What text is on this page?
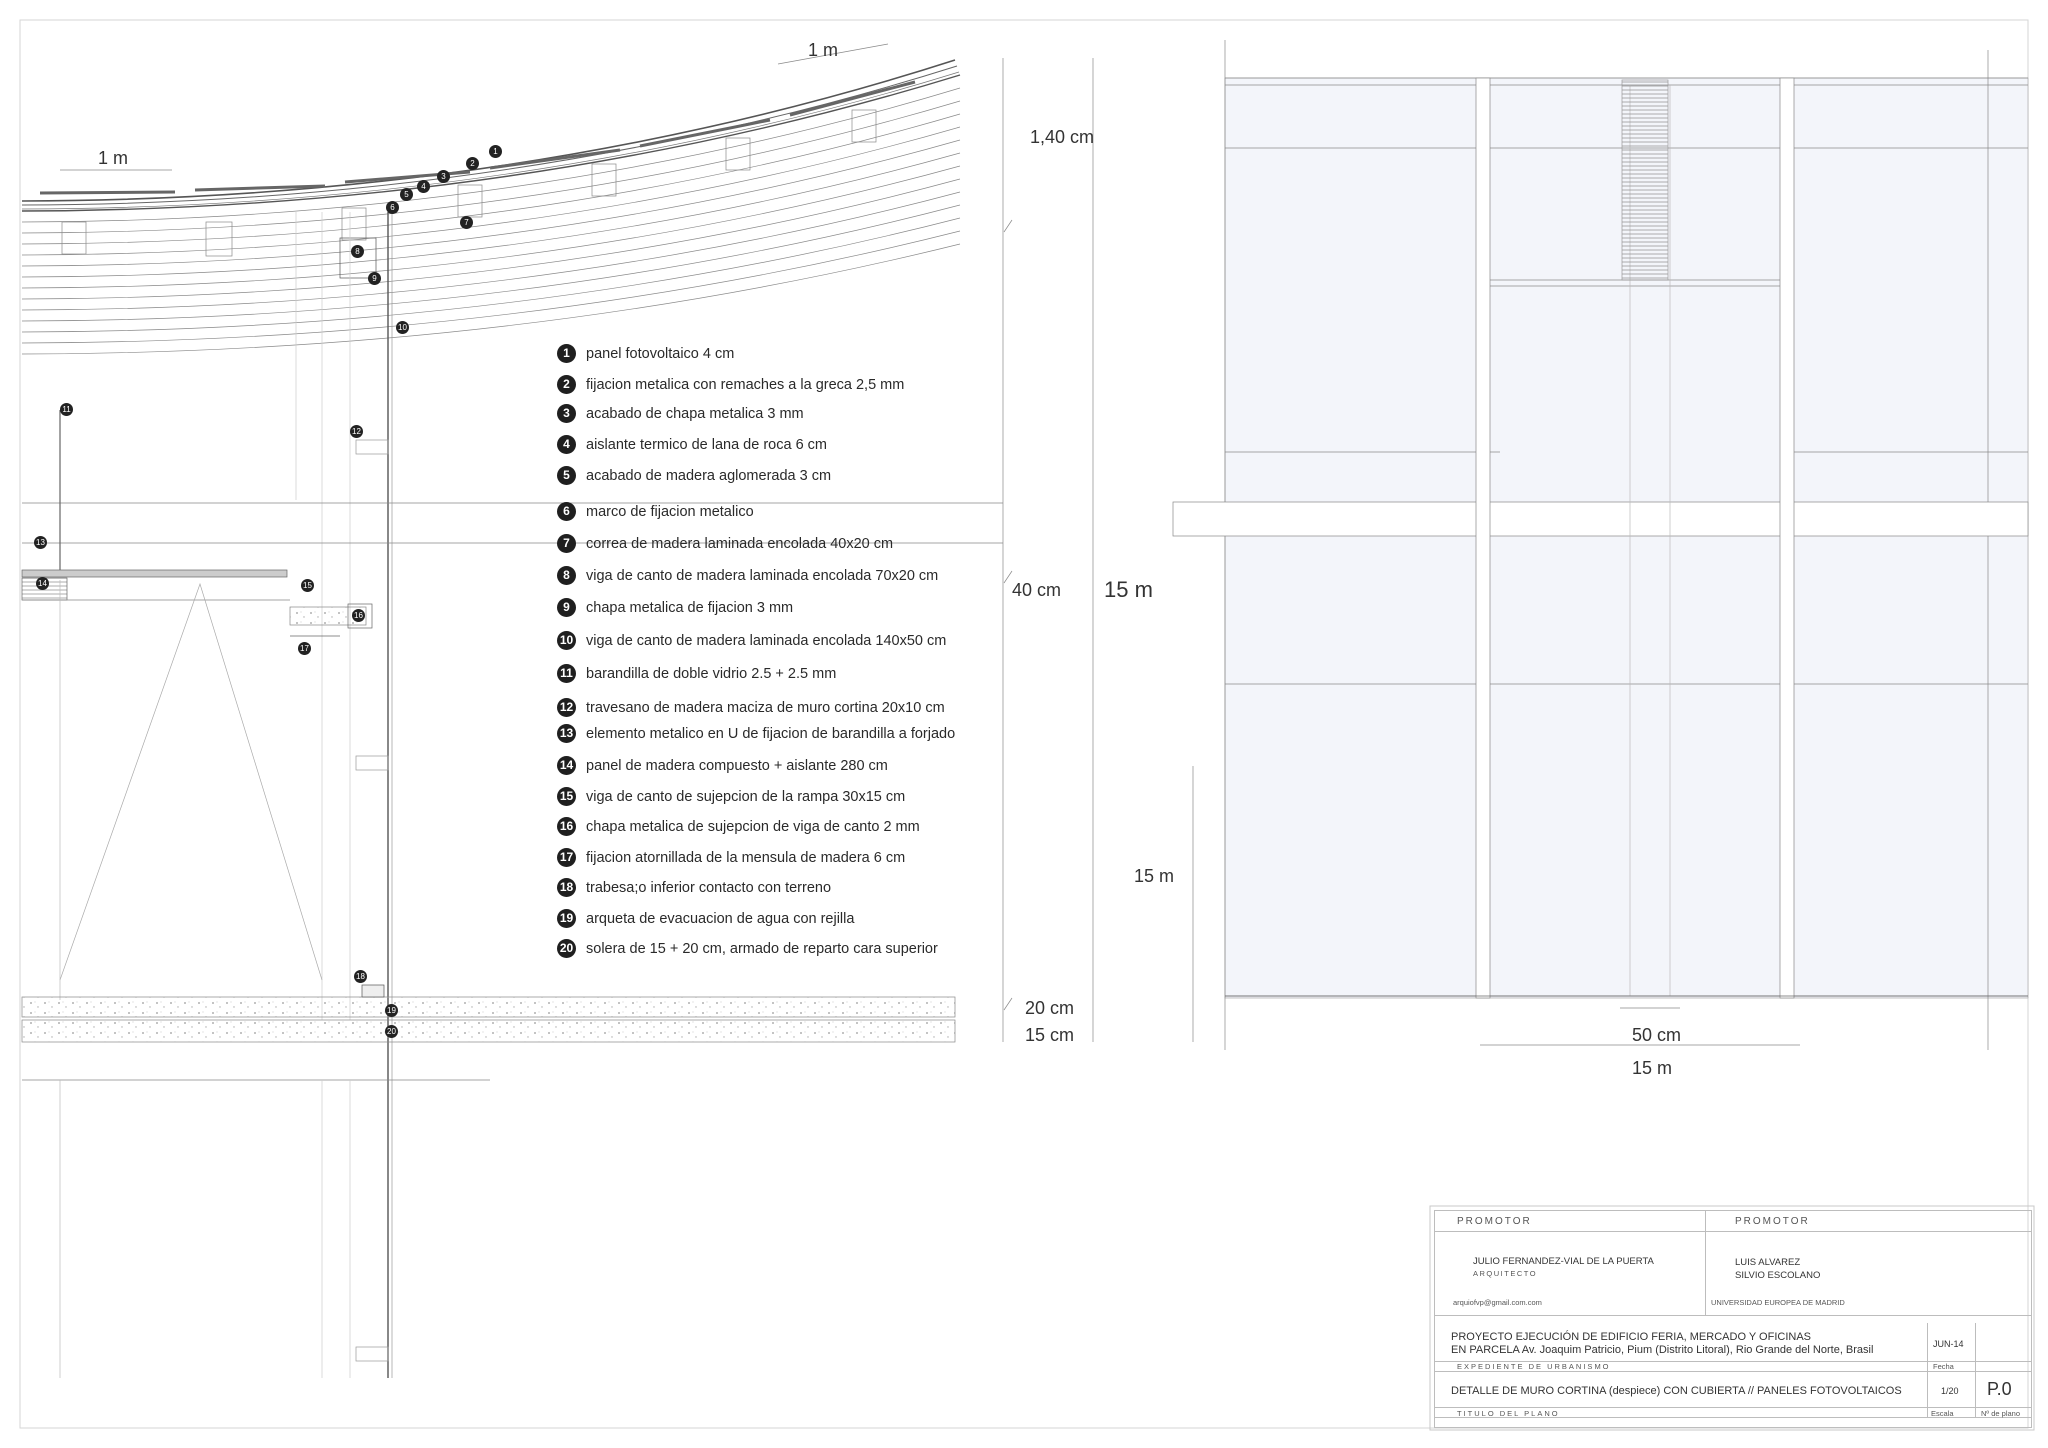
1
2
3
4
5
6
7
8
9
10
11
12
13
14	15
16
17
18
19
20
1 m
1 m
1,40 cm
40 cm 15 m
15 m
20 cm
15 cm	50 cm
15 m
1	panel fotovoltaico 4 cm
2	fijacion metalica con remaches a la greca 2,5 mm
3	acabado de chapa metalica 3 mm
4	aislante termico de lana de roca 6 cm
5	acabado de madera aglomerada 3 cm
6	marco de fijacion metalico
7	correa de madera laminada encolada 40x20 cm
8	viga de canto de madera laminada encolada 70x20 cm
9	chapa metalica de fijacion 3 mm
10 viga de canto de madera laminada encolada 140x50 cm
11 barandilla de doble vidrio 2.5 + 2.5 mm
12 travesano de madera maciza de muro cortina 20x10 cm
13 elemento metalico en U de fijacion de barandilla a forjado
14 panel de madera compuesto + aislante 280 cm
15 viga de canto de sujepcion de la rampa 30x15 cm
16 chapa metalica de sujepcion de viga de canto 2 mm
17 fijacion atornillada de la mensula de madera 6 cm
18 trabesa;o inferior contacto con terreno
19 arqueta de evacuacion de agua con rejilla
20 solera de 15 + 20 cm, armado de reparto cara superior
PROMOTOR	PROMOTOR
JULIO FERNANDEZ-VIAL DE LA PUERTA
ARQUITECTO
LUIS ALVAREZ
SILVIO ESCOLANO
arquiofvp@gmail.com.com	UNIVERSIDAD EUROPEA DE MADRID
PROYECTO EJECUCIÓN DE EDIFICIO FERIA, MERCADO Y OFICINAS
EN PARCELA Av. Joaquim Patricio, Pium (Distrito Litoral), Rio Grande del Norte, Brasil	JUN-14
Fecha
EXPEDIENTE DE URBANISMO
DETALLE DE MURO CORTINA (despiece) CON CUBIERTA // PANELES FOTOVOLTAICOS	1/20 P.0
Escala	Nº de plano
TITULO DEL PLANO
